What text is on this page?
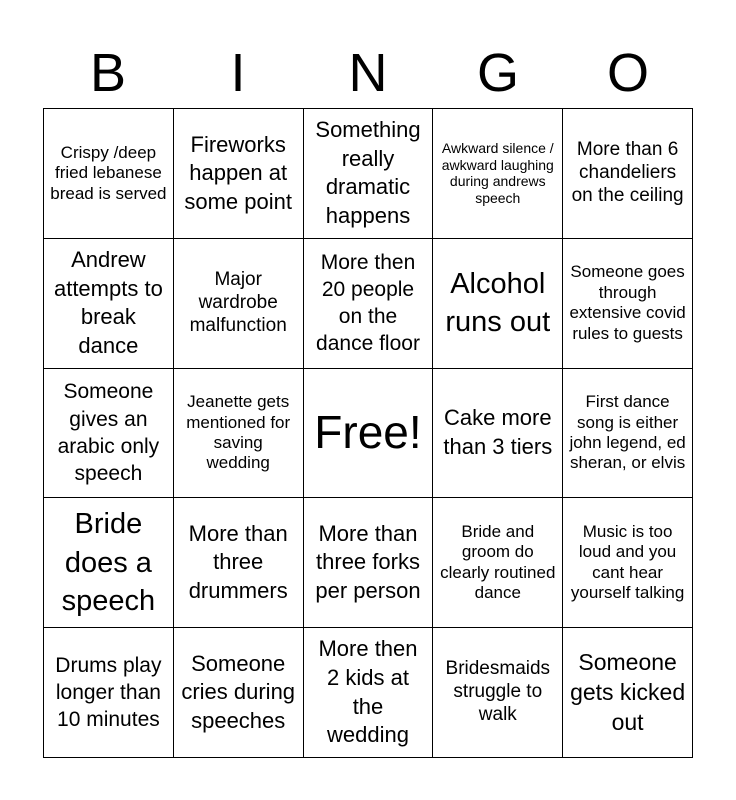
B	I	N	G	O
Crispy /deep fried lebanese bread is served
Fireworks happen at some point
Something really dramatic happens
Awkward silence / awkward laughing during andrews speech
More than 6 chandeliers on the ceiling
Andrew attempts to break dance
Major wardrobe malfunction
More then 20 people on the dance floor
Alcohol runs out
Someone goes through extensive covid rules to guests
Someone gives an arabic only speech
Jeanette gets mentioned for saving wedding
Free!	Cake more than 3 tiers
First dance song is either john legend, ed sheran, or elvis
Bride does a speech
More than three drummers
More than three forks per person
Bride and groom do clearly routined dance
Music is too loud and you cant hear yourself talking
Drums play longer than 10 minutes
Someone cries during speeches
More then 2 kids at the wedding
Bridesmaids struggle to walk
Someone gets kicked out
